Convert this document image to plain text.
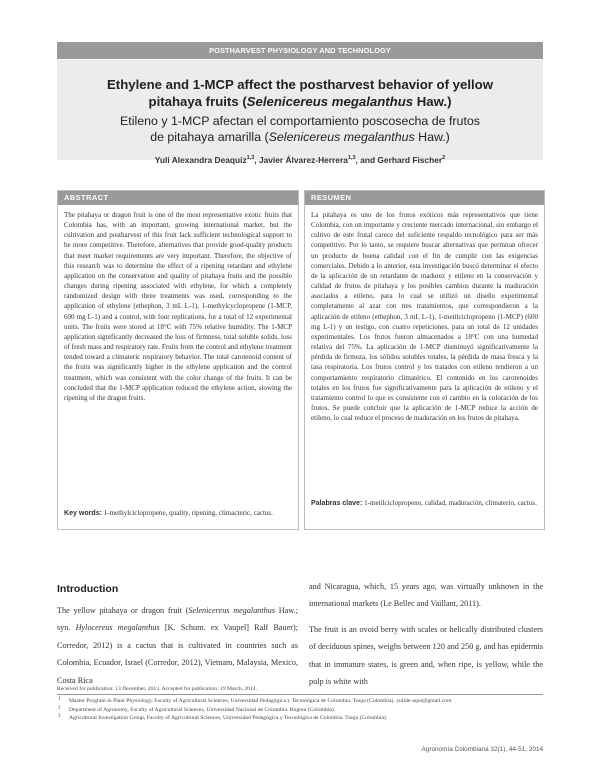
POSTHARVEST PHYSIOLOGY AND TECHNOLOGY
Ethylene and 1-MCP affect the postharvest behavior of yellow
pitahaya fruits (Selenicereus megalanthus Haw.)
Etileno y 1-MCP afectan el comportamiento poscosecha de frutos
de pitahaya amarilla (Selenicereus megalanthus Haw.)
Yuli Alexandra Deaquiz$^{1,3}$, Javier Álvarez-Herrera$^{1,3}$, and Gerhard Fischer$^2$
ABSTRACT
The pitahaya or dragon fruit is one of the most representative exotic fruits that Colombia has, with an important, growing international market, but the cultivation and postharvest of this fruit lack sufficient technological support to be more competitive. Therefore, alternatives that provide good-quality products that meet market requirements are very important. Therefore, the objective of this research was to determine the effect of a ripening retardant and ethylene application on the conservation and quality of pitahaya fruits and the possible changes during ripening associated with ethylene, for which a completely randomized design with three treatments was used, corresponding to the application of ethylene (ethephon, 3 mL L-1), 1-methylcyclopropene (1-MCP, 600 mg L-1) and a control, with four replications, for a total of 12 experimental units. The fruits were stored at 18°C with 75% relative humidity. The 1-MCP application significantly decreased the loss of firmness, total soluble solids, loss of fresh mass and respiratory rate. Fruits from the control and ethylene treatment tended toward a climateric respiratory behavior. The total carotenoid content of the fruits was significantly higher in the ethylene application and the control treatment, which was consistent with the color change of the fruits. It can be concluded that the 1-MCP application reduced the ethylene action, slowing the ripening of the dragon fruits.
Key words: 1-methylciclopropene, quality, ripening, climacteric, cactus.
RESUMEN
La pitahaya es uno de los frutos exóticos más representativos que tiene Colombia, con un importante y creciente mercado internacional, sin embargo el cultivo de este frutal carece del suficiente respaldo tecnológico para ser más competitivo. Por lo tanto, se requiere buscar alternativas que permitan ofrecer un producto de buena calidad con el fin de cumplir con las exigencias comerciales. Debido a lo anterior, esta investigación buscó determinar el efecto de la aplicación de un retardante de madurez y etileno en la conservación y calidad de frutos de pitahaya y los posibles cambios durante la maduración asociados a etileno, para lo cual se utilizó un diseño experimental completamente al azar con tres tratamientos, que correspondieron a la aplicación de etileno (ethephon, 3 mL L-1), 1-metilciclopropeno (1-MCP) (600 mg L-1) y un testigo, con cuatro repeticiones, para un total de 12 unidades experimentales. Los frutos fueron almacenados a 18°C con una humedad relativa del 75%. La aplicación de 1-MCP disminuyó significativamente la pérdida de firmeza, los sólidos solubles totales, la pérdida de masa fresca y la tasa respiratoria. Los frutos control y los tratados con etileno tendieron a un comportamiento respiratorio climatérico. El contenido en los carotenoides totales en los frutos fue significativamente para la aplicación de etileno y el tratamiento control lo que es consistente con el cambio en la coloración de los frutos. Se puede concluir que la aplicación de 1-MCP reduce la acción de etileno, lo cual reduce el proceso de maduración en los frutos de pitahaya.
Palabras clave: 1-metilciclopropeno, calidad, maduración, climaterio, cactus.
Introduction

The yellow pitahaya or dragon fruit (Selenicereus megalanthus Haw.; syn. Hylocereus megalanthus [K. Schum. ex Vaupel] Ralf Bauer); Corredor, 2012) is a cactus that is cultivated in countries such as Colombia, Ecuador, Israel (Corredor, 2012), Vietnam, Malaysia, Mexico, Costa Rica

and Nicaragua, which, 15 years ago, was virtually unknown in the international markets (Le Bellec and Vaillant, 2011).

The fruit is an ovoid berry with scales or helically distributed clusters of deciduous spines, weighs between 120 and 250 g, and has epidermis that in immature states, is green and, when ripe, is yellow, while the pulp is white with

Received for publication: 13 December, 2013. Accepted for publication: 19 March, 2014.
1 Master Program in Plant Physiology, Faculty of Agricultural Sciences, Universidad Pedagógica y Tecnológica de Colombia. Tunja (Colombia). yulide-aqui@gmail.com
2 Department of Agronomy, Faculty of Agricultural Sciences, Universidad Nacional de Colombia. Bogota (Colombia).
3 Agricultural Investigation Group, Faculty of Agricultural Sciences, Universidad Pedagógica y Tecnológica de Colombia. Tunja (Colombia).
Agronomía Colombiana 32(1), 44-51, 2014
